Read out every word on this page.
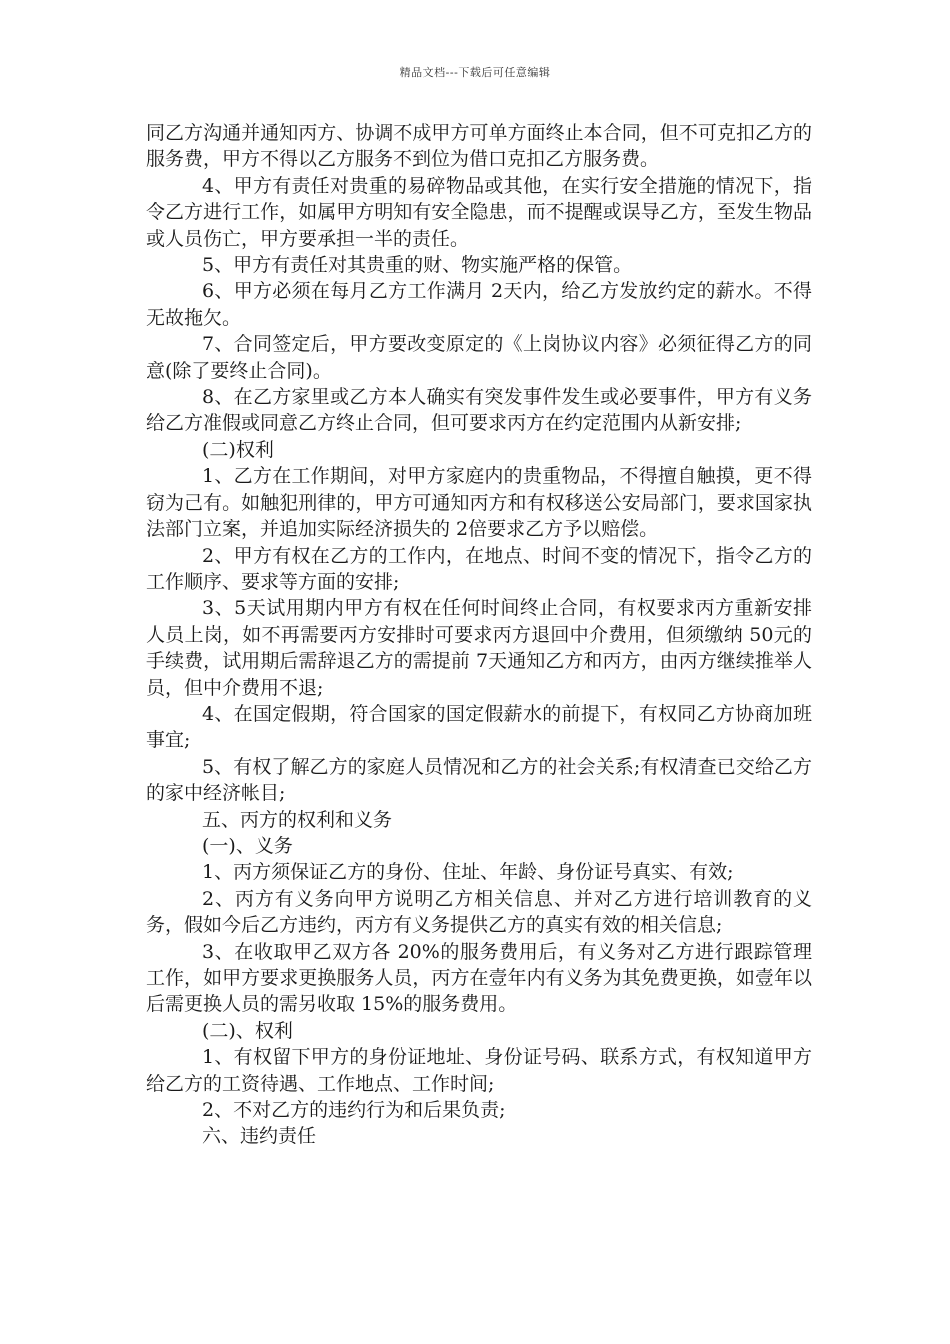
精品文档---下载后可任意编辑

同乙方沟通并通知丙方、协调不成甲方可单方面终止本合同，但不可克扣乙方的服务费，甲方不得以乙方服务不到位为借口克扣乙方服务费。

4、甲方有责任对贵重的易碎物品或其他，在实行安全措施的情况下，指令乙方进行工作，如属甲方明知有安全隐患，而不提醒或误导乙方，至发生物品或人员伤亡，甲方要承担一半的责任。

5、甲方有责任对其贵重的财、物实施严格的保管。

6、甲方必须在每月乙方工作满月 2天内，给乙方发放约定的薪水。不得无故拖欠。

7、合同签定后，甲方要改变原定的《上岗协议内容》必须征得乙方的同意(除了要终止合同)。

8、在乙方家里或乙方本人确实有突发事件发生或必要事件，甲方有义务给乙方准假或同意乙方终止合同，但可要求丙方在约定范围内从新安排;

(二)权利

1、乙方在工作期间，对甲方家庭内的贵重物品，不得擅自触摸，更不得窃为己有。如触犯刑律的，甲方可通知丙方和有权移送公安局部门，要求国家执法部门立案，并追加实际经济损失的 2倍要求乙方予以赔偿。

2、甲方有权在乙方的工作内，在地点、时间不变的情况下，指令乙方的工作顺序、要求等方面的安排;

3、5天试用期内甲方有权在任何时间终止合同，有权要求丙方重新安排人员上岗，如不再需要丙方安排时可要求丙方退回中介费用，但须缴纳 50元的手续费，试用期后需辞退乙方的需提前 7天通知乙方和丙方，由丙方继续推举人员，但中介费用不退;

4、在国定假期，符合国家的国定假薪水的前提下，有权同乙方协商加班事宜;

5、有权了解乙方的家庭人员情况和乙方的社会关系;有权清查已交给乙方的家中经济帐目;

五、丙方的权利和义务

(一)、义务

1、丙方须保证乙方的身份、住址、年龄、身份证号真实、有效;

2、丙方有义务向甲方说明乙方相关信息、并对乙方进行培训教育的义务，假如今后乙方违约，丙方有义务提供乙方的真实有效的相关信息;

3、在收取甲乙双方各 20%的服务费用后，有义务对乙方进行跟踪管理工作，如甲方要求更换服务人员，丙方在壹年内有义务为其免费更换，如壹年以后需更换人员的需另收取 15%的服务费用。

(二)、权利

1、有权留下甲方的身份证地址、身份证号码、联系方式，有权知道甲方给乙方的工资待遇、工作地点、工作时间;

2、不对乙方的违约行为和后果负责;

六、违约责任
